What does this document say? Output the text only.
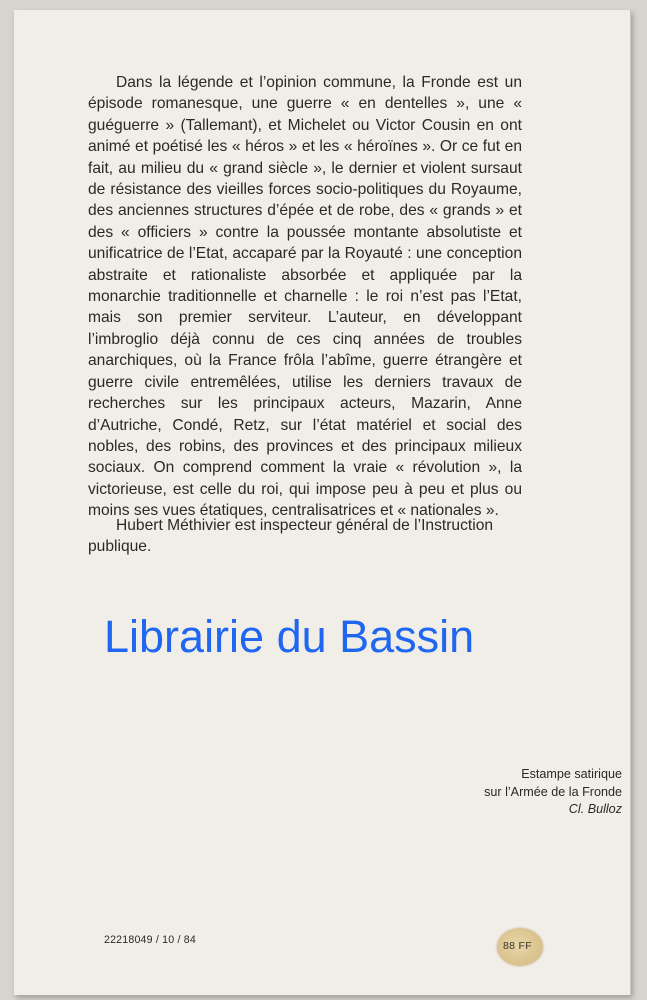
Dans la légende et l’opinion commune, la Fronde est un épisode romanesque, une guerre « en dentelles », une « guéguerre » (Tallemant), et Michelet ou Victor Cousin en ont animé et poétisé les « héros » et les « héroïnes ». Or ce fut en fait, au milieu du « grand siècle », le dernier et violent sursaut de résistance des vieilles forces socio-politiques du Royaume, des anciennes structures d’épée et de robe, des « grands » et des « officiers » contre la poussée montante absolutiste et unificatrice de l’Etat, accaparé par la Royauté : une conception abstraite et rationaliste absorbée et appliquée par la monarchie traditionnelle et charnelle : le roi n’est pas l’Etat, mais son premier serviteur. L’auteur, en développant l’imbroglio déjà connu de ces cinq années de troubles anarchiques, où la France frôla l’abîme, guerre étrangère et guerre civile entremêlées, utilise les derniers travaux de recherches sur les principaux acteurs, Mazarin, Anne d’Autriche, Condé, Retz, sur l’état matériel et social des nobles, des robins, des provinces et des principaux milieux sociaux. On comprend comment la vraie « révolution », la victorieuse, est celle du roi, qui impose peu à peu et plus ou moins ses vues étatiques, centralisatrices et « nationales ».

Hubert Méthivier est inspecteur général de l’Instruction publique.

Librairie du Bassin
Estampe satirique
sur l’Armée de la Fronde
Cl. Bulloz
22218049 / 10 / 84	88 FF
